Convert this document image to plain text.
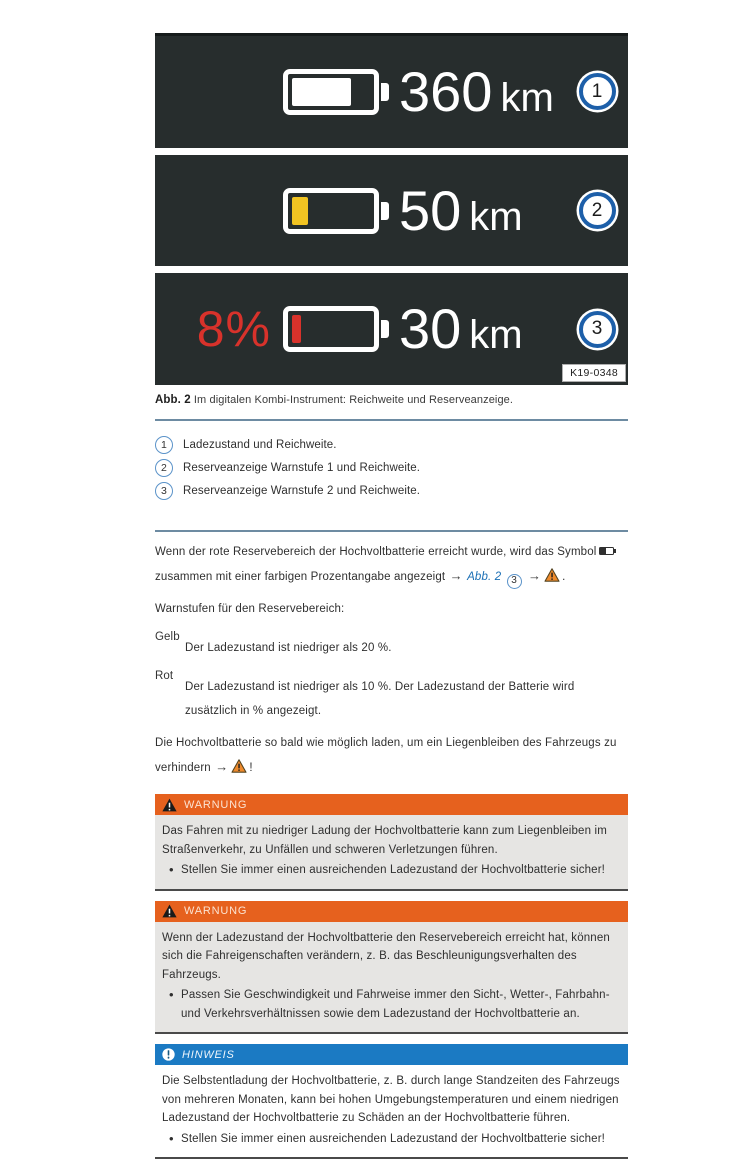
360 km	1
50 km	2
8% 30 km	3
K19-0348

Abb. 2 Im digitalen Kombi-Instrument: Reichweite und Reserveanzeige.

1	Ladezustand und Reichweite.
2	Reserveanzeige Warnstufe 1 und Reichweite.
3	Reserveanzeige Warnstufe 2 und Reichweite.

Wenn der rote Reservebereich der Hochvoltbatterie erreicht wurde, wird das Symbol
zusammen mit einer farbigen Prozentangabe angezeigt → Abb. 2 3 → .

Warnstufen für den Reservebereich:

Gelb
Der Ladezustand ist niedriger als 20 %.
Rot
Der Ladezustand ist niedriger als 10 %. Der Ladezustand der Batterie wird zusätzlich in % angezeigt.

Die Hochvoltbatterie so bald wie möglich laden, um ein Liegenbleiben des Fahrzeugs zu
verhindern → !

WARNUNG

Das Fahren mit zu niedriger Ladung der Hochvoltbatterie kann zum Liegenbleiben im Straßenverkehr, zu Unfällen und schweren Verletzungen führen.

• Stellen Sie immer einen ausreichenden Ladezustand der Hochvoltbatterie sicher!
WARNUNG

Wenn der Ladezustand der Hochvoltbatterie den Reservebereich erreicht hat, können sich die Fahreigenschaften verändern, z. B. das Beschleunigungsverhalten des Fahrzeugs.

• Passen Sie Geschwindigkeit und Fahrweise immer den Sicht-, Wetter-, Fahrbahn- und Verkehrsverhältnissen sowie dem Ladezustand der Hochvoltbatterie an.
HINWEIS

Die Selbstentladung der Hochvoltbatterie, z. B. durch lange Standzeiten des Fahrzeugs von mehreren Monaten, kann bei hohen Umgebungstemperaturen und einem niedrigen Ladezustand der Hochvoltbatterie zu Schäden an der Hochvoltbatterie führen.

• Stellen Sie immer einen ausreichenden Ladezustand der Hochvoltbatterie sicher!
